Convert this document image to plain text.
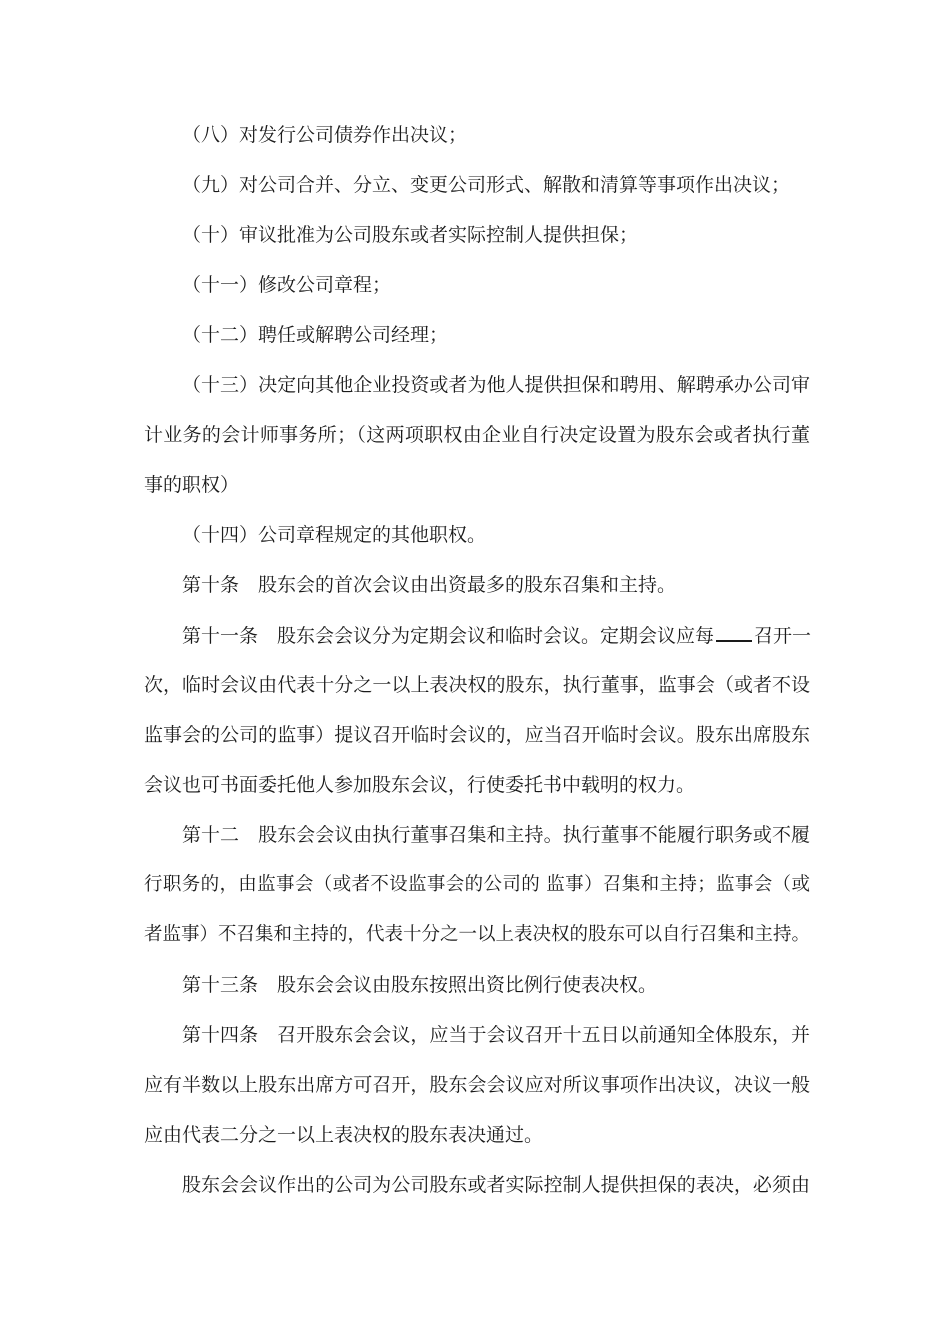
（八）对发行公司债券作出决议；
（九）对公司合并、分立、变更公司形式、解散和清算等事项作出决议；
（十）审议批准为公司股东或者实际控制人提供担保；
（十一）修改公司章程；
（十二）聘任或解聘公司经理；
（十三）决定向其他企业投资或者为他人提供担保和聘用、解聘承办公司审
计业务的会计师事务所；（这两项职权由企业自行决定设置为股东会或者执行董
事的职权）
（十四）公司章程规定的其他职权。
第十条　股东会的首次会议由出资最多的股东召集和主持。
第十一条　股东会会议分为定期会议和临时会议。定期会议应每 召开一
次，临时会议由代表十分之一以上表决权的股东，执行董事，监事会（或者不设
监事会的公司的监事）提议召开临时会议的，应当召开临时会议。股东出席股东
会议也可书面委托他人参加股东会议，行使委托书中载明的权力。
第十二　股东会会议由执行董事召集和主持。执行董事不能履行职务或不履
行职务的，由监事会（或者不设监事会的公司的 监事）召集和主持；监事会（或
者监事）不召集和主持的，代表十分之一以上表决权的股东可以自行召集和主持。
第十三条　股东会会议由股东按照出资比例行使表决权。
第十四条　召开股东会会议，应当于会议召开十五日以前通知全体股东，并
应有半数以上股东出席方可召开，股东会会议应对所议事项作出决议，决议一般
应由代表二分之一以上表决权的股东表决通过。
股东会会议作出的公司为公司股东或者实际控制人提供担保的表决，必须由
